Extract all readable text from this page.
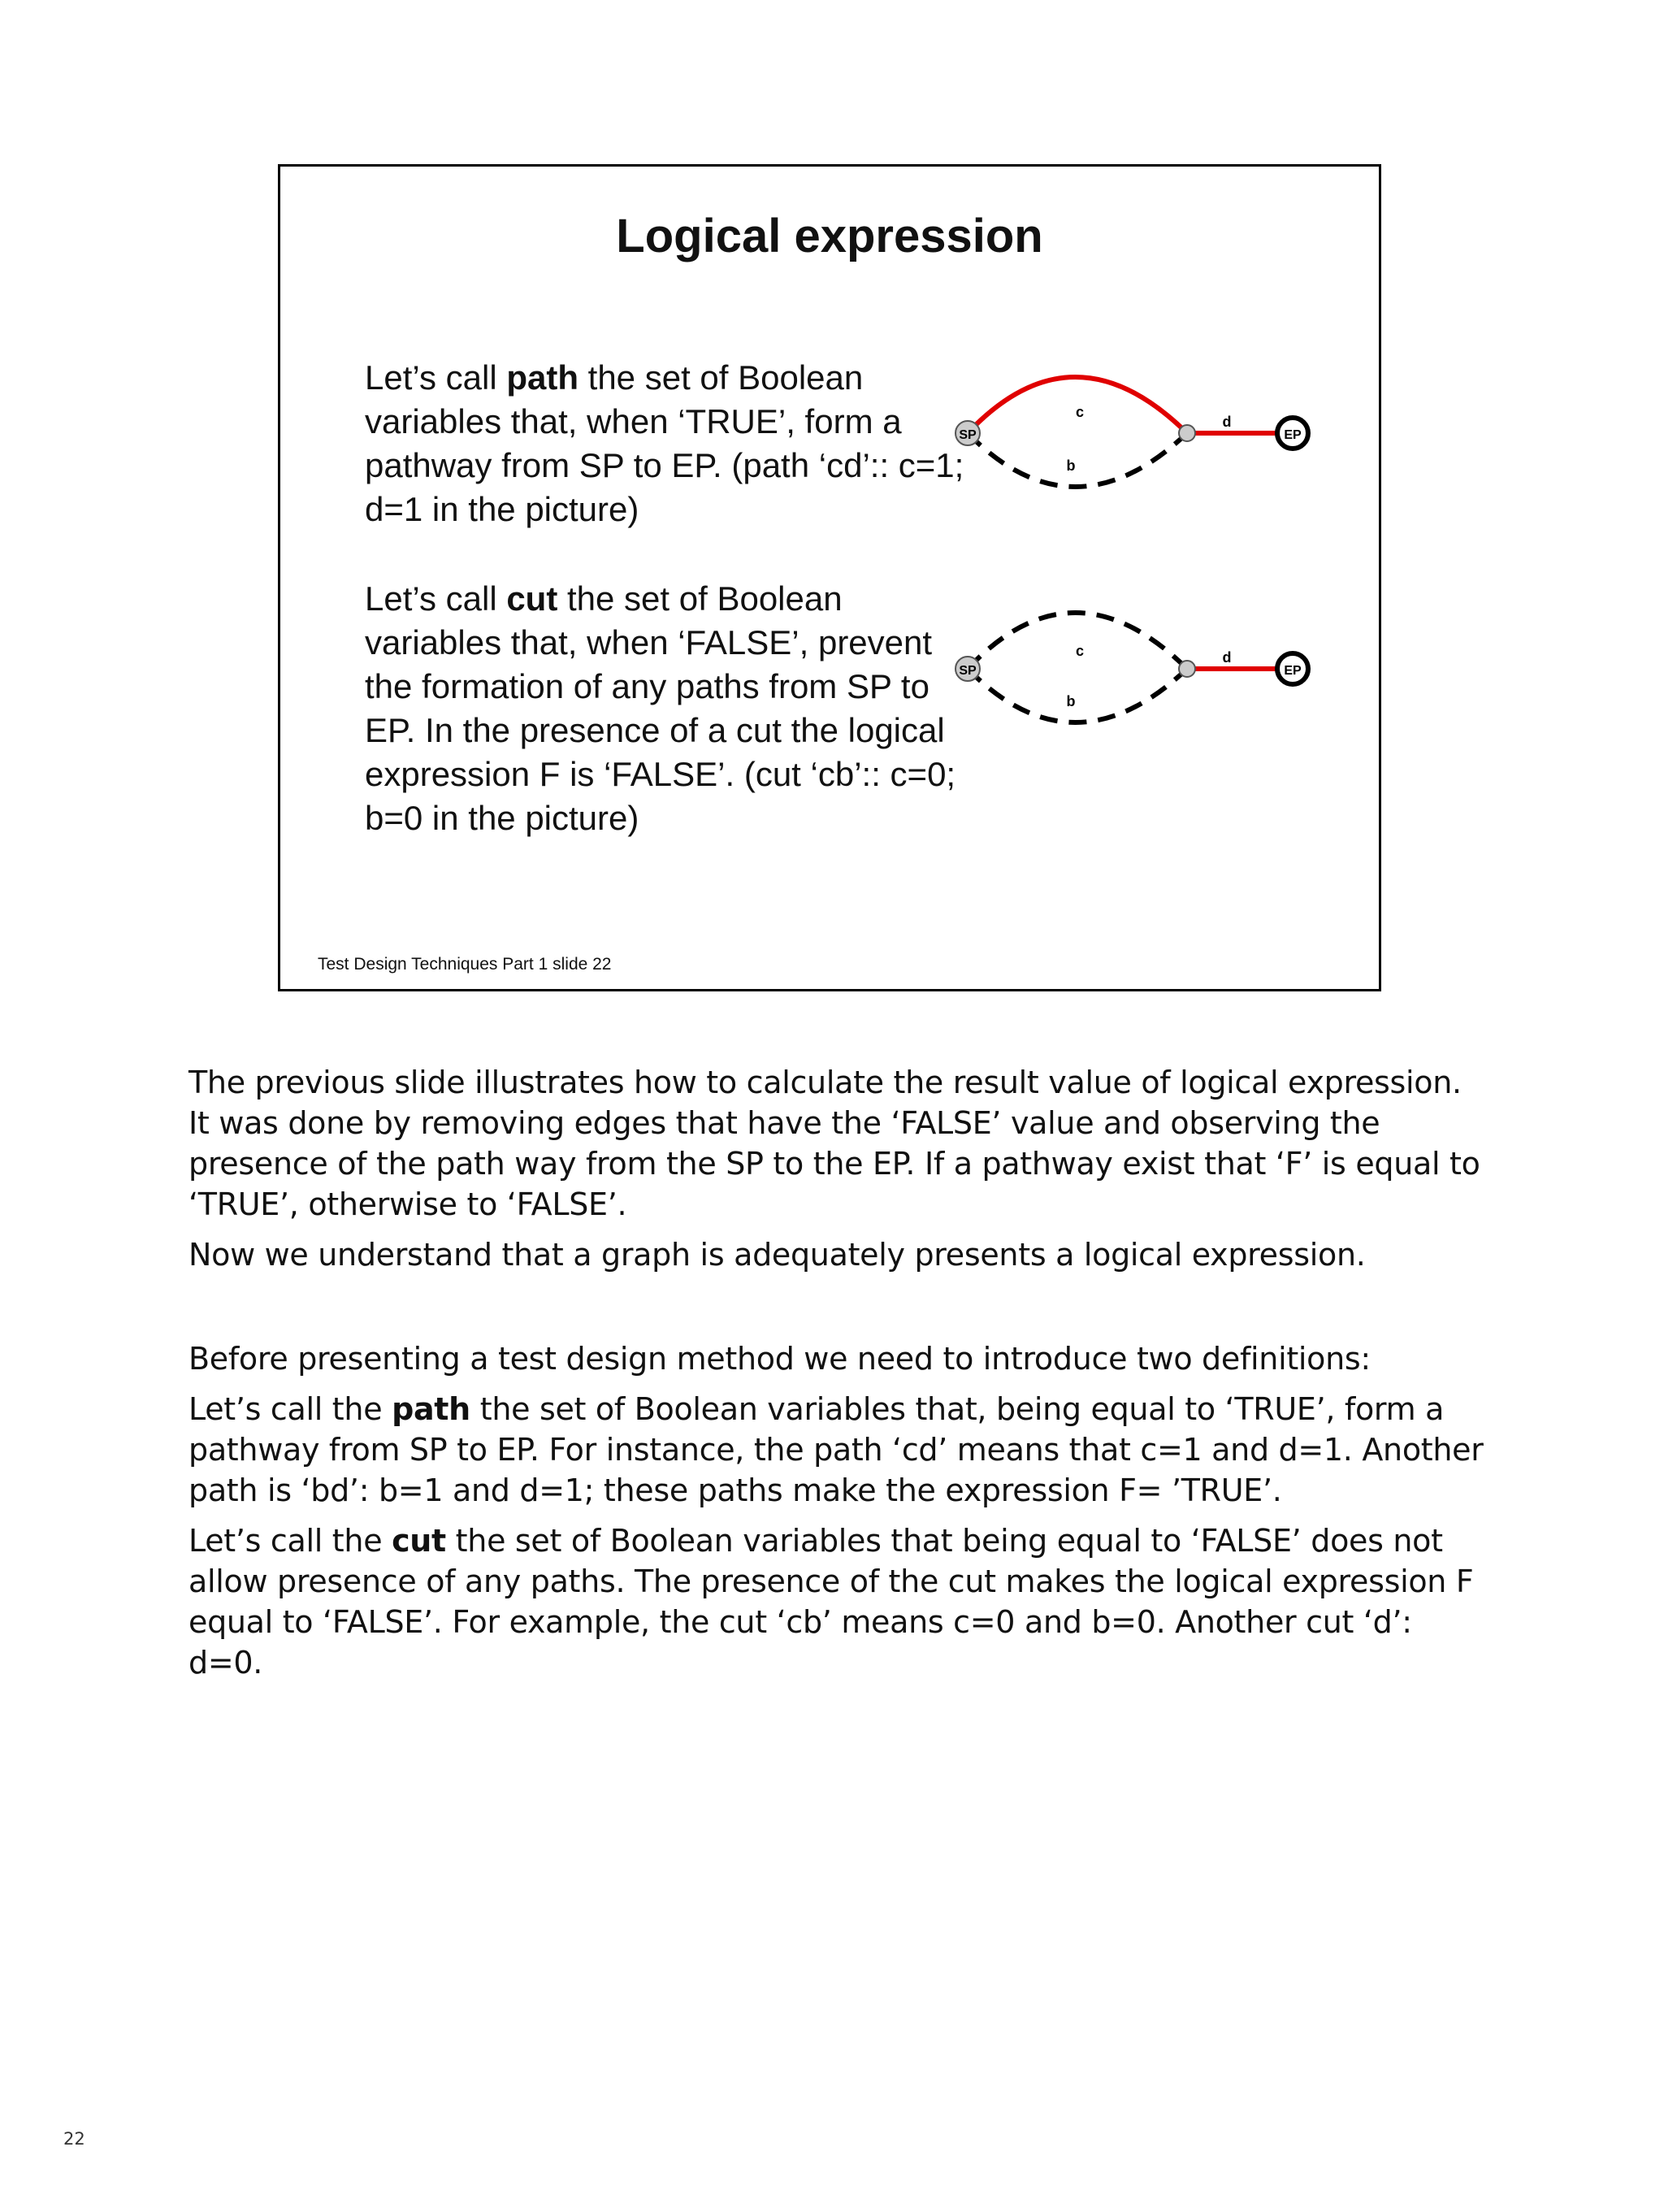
Logical expression
Let’s call path the set of Boolean variables that, when ‘TRUE’, form a pathway from SP to EP. (path ‘cd’:: c=1; d=1 in the picture)
Let’s call cut the set of Boolean variables that, when ‘FALSE’, prevent the formation of any paths from SP to EP. In the presence of a cut the logical expression F is ‘FALSE’. (cut ‘cb’:: c=0; b=0 in the picture)
SP	EP
c
b
d
SP	EP
c
b
d
Test Design Techniques Part 1 slide 22

The previous slide illustrates how to calculate the result value of logical expression. It was done by removing edges that have the ‘FALSE’ value and observing the presence of the path way from the SP to the EP. If a pathway exist that ‘F’ is equal to ‘TRUE’, otherwise to ‘FALSE’.

Now we understand that a graph is adequately presents a logical expression.

Before presenting a test design method we need to introduce two definitions:

Let’s call the path the set of Boolean variables that, being equal to ‘TRUE’, form a pathway from SP to EP. For instance, the path ‘cd’ means that c=1 and d=1. Another path is ‘bd’: b=1 and d=1; these paths make the expression F= ’TRUE’.

Let’s call the cut the set of Boolean variables that being equal to ‘FALSE’ does not allow presence of any paths. The presence of the cut makes the logical expression F equal to ‘FALSE’. For example, the cut ‘cb’ means c=0 and b=0. Another cut ‘d’: d=0.

22
